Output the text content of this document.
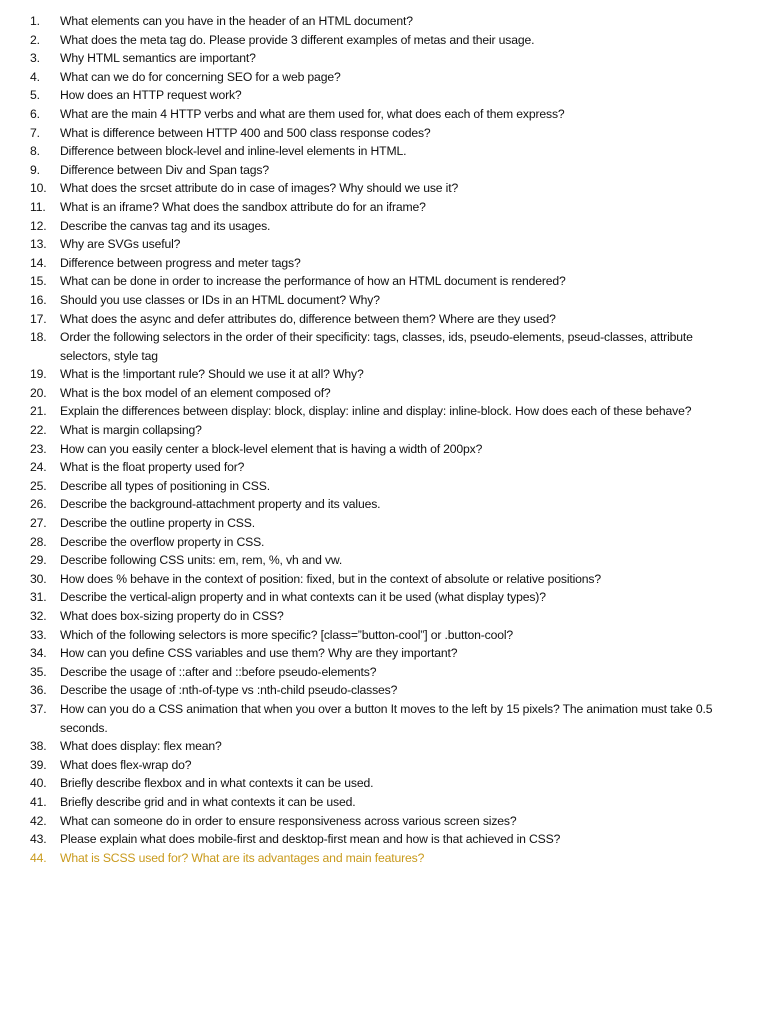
1.	What elements can you have in the header of an HTML document?
2.	What does the meta tag do. Please provide 3 different examples of metas and their usage.
3.	Why HTML semantics are important?
4.	What can we do for concerning SEO for a web page?
5.	How does an HTTP request work?
6.	What are the main 4 HTTP verbs and what are them used for, what does each of them express?
7.	What is difference between HTTP 400 and 500 class response codes?
8.	Difference between block-level and inline-level elements in HTML.
9.	Difference between Div and Span tags?
10.	What does the srcset attribute do in case of images? Why should we use it?
11.	What is an iframe? What does the sandbox attribute do for an iframe?
12.	Describe the canvas tag and its usages.
13.	Why are SVGs useful?
14.	Difference between progress and meter tags?
15.	What can be done in order to increase the performance of how an HTML document is rendered?
16.	Should you use classes or IDs in an HTML document? Why?
17.	What does the async and defer attributes do, difference between them? Where are they used?
18.	Order the following selectors in the order of their specificity: tags, classes, ids, pseudo-elements, pseud-classes, attribute selectors, style tag
19.	What is the !important rule? Should we use it at all? Why?
20.	What is the box model of an element composed of?
21.	Explain the differences between display: block, display: inline and display: inline-block. How does each of these behave?
22.	What is margin collapsing?
23.	How can you easily center a block-level element that is having a width of 200px?
24.	What is the float property used for?
25.	Describe all types of positioning in CSS.
26.	Describe the background-attachment property and its values.
27.	Describe the outline property in CSS.
28.	Describe the overflow property in CSS.
29.	Describe following CSS units: em, rem, %, vh and vw.
30.	How does % behave in the context of position: fixed, but in the context of absolute or relative positions?
31.	Describe the vertical-align property and in what contexts can it be used (what display types)?
32.	What does box-sizing property do in CSS?
33.	Which of the following selectors is more specific? [class=”button-cool”] or .button-cool?
34.	How can you define CSS variables and use them? Why are they important?
35.	Describe the usage of ::after and ::before pseudo-elements?
36.	Describe the usage of :nth-of-type vs :nth-child pseudo-classes?
37.	How can you do a CSS animation that when you over a button It moves to the left by 15 pixels? The animation must take 0.5 seconds.
38.	What does display: flex mean?
39.	What does flex-wrap do?
40.	Briefly describe flexbox and in what contexts it can be used.
41.	Briefly describe grid and in what contexts it can be used.
42.	What can someone do in order to ensure responsiveness across various screen sizes?
43.	Please explain what does mobile-first and desktop-first mean and how is that achieved in CSS?
44.	What is SCSS used for? What are its advantages and main features?
